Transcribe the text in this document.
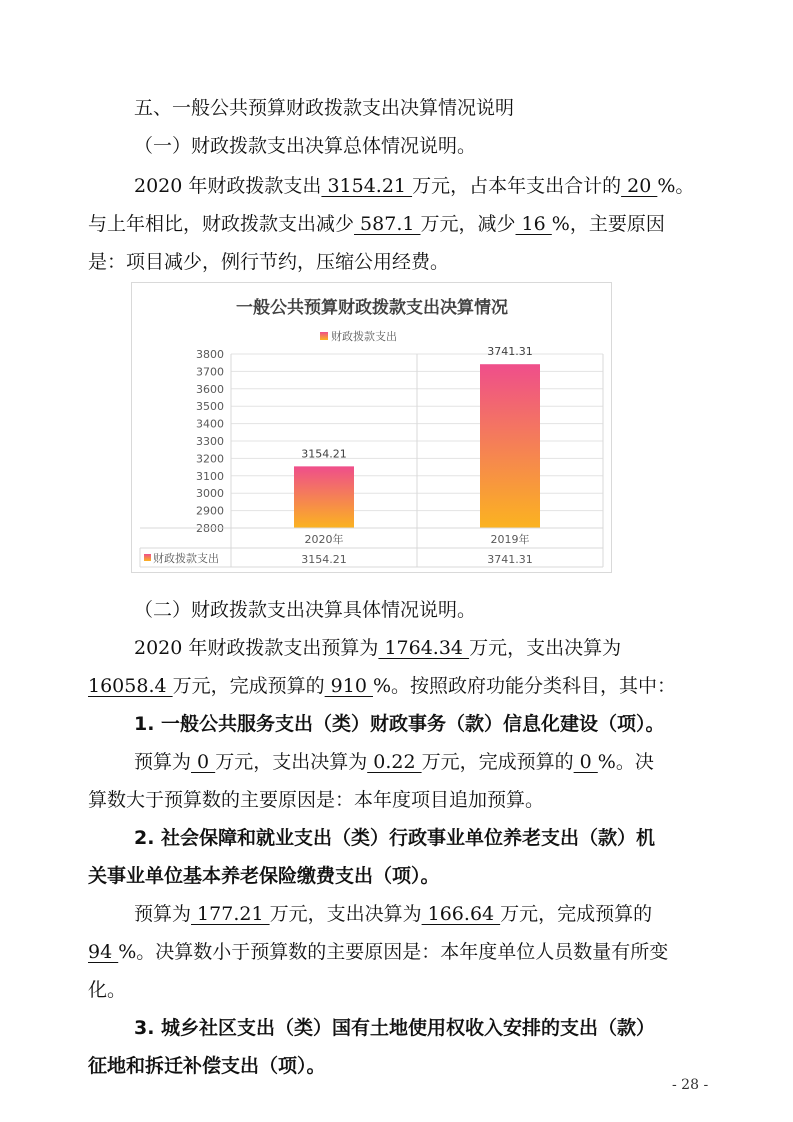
五、一般公共预算财政拨款支出决算情况说明
（一）财政拨款支出决算总体情况说明。
2020 年财政拨款支出 3154.21 万元，占本年支出合计的 20 %。
与上年相比，财政拨款支出减少 587.1 万元，减少 16 %，主要原因
是：项目减少，例行节约，压缩公用经费。
一般公共预算财政拨款支出决算情况
财政拨款支出
2800
2900
3000
3100
3200
3300
3400
3500
3600
3700
3800
3154.21
3741.31
2020年
3154.21
2019年
3741.31
财政拨款支出
（二）财政拨款支出决算具体情况说明。
2020 年财政拨款支出预算为 1764.34 万元，支出决算为
16058.4 万元，完成预算的 910 %。按照政府功能分类科目，其中：
1. 一般公共服务支出（类）财政事务（款）信息化建设（项）。
预算为 0 万元，支出决算为 0.22 万元，完成预算的 0 %。决
算数大于预算数的主要原因是：本年度项目追加预算。
2. 社会保障和就业支出（类）行政事业单位养老支出（款）机
关事业单位基本养老保险缴费支出（项）。
预算为 177.21 万元，支出决算为 166.64 万元，完成预算的
94 %。决算数小于预算数的主要原因是：本年度单位人员数量有所变
化。
3. 城乡社区支出（类）国有土地使用权收入安排的支出（款）
征地和拆迁补偿支出（项）。
- 28 -
